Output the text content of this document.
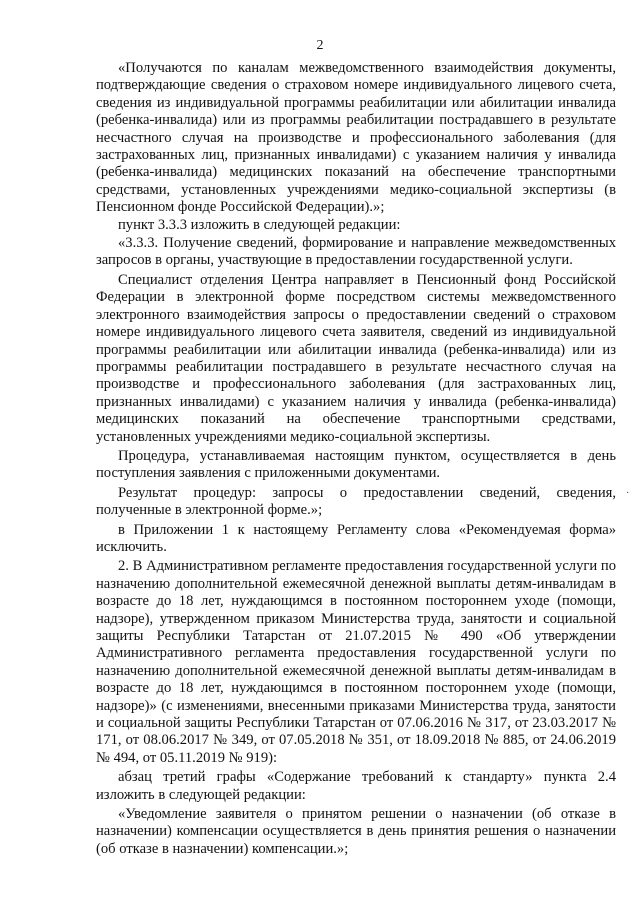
2

«Получаются по каналам межведомственного взаимодействия документы, подтверждающие сведения о страховом номере индивидуального лицевого счета, сведения из индивидуальной программы реабилитации или абилитации инвалида (ребенка-инвалида) или из программы реабилитации пострадавшего в результате несчастного случая на производстве и профессионального заболевания (для застрахованных лиц, признанных инвалидами) с указанием наличия у инвалида (ребенка-инвалида) медицинских показаний на обеспечение транспортными средствами, установленных учреждениями медико-социальной экспертизы (в Пенсионном фонде Российской Федерации).»;

пункт 3.3.3 изложить в следующей редакции:

«3.3.3. Получение сведений, формирование и направление межведомственных запросов в органы, участвующие в предоставлении государственной услуги.

Специалист отделения Центра направляет в Пенсионный фонд Российской Федерации в электронной форме посредством системы межведомственного электронного взаимодействия запросы о предоставлении сведений о страховом номере индивидуального лицевого счета заявителя, сведений из индивидуальной программы реабилитации или абилитации инвалида (ребенка-инвалида) или из программы реабилитации пострадавшего в результате несчастного случая на производстве и профессионального заболевания (для застрахованных лиц, признанных инвалидами) с указанием наличия у инвалида (ребенка-инвалида) медицинских показаний на обеспечение транспортными средствами, установленных учреждениями медико-социальной экспертизы.

Процедура, устанавливаемая настоящим пунктом, осуществляется в день поступления заявления с приложенными документами.

Результат процедур: запросы о предоставлении сведений, сведения, полученные в электронной форме.»;

в Приложении 1 к настоящему Регламенту слова «Рекомендуемая форма» исключить.

2. В Административном регламенте предоставления государственной услуги по назначению дополнительной ежемесячной денежной выплаты детям-инвалидам в возрасте до 18 лет, нуждающимся в постоянном постороннем уходе (помощи, надзоре), утвержденном приказом Министерства труда, занятости и социальной защиты Республики Татарстан от 21.07.2015 № 490 «Об утверждении Административного регламента предоставления государственной услуги по назначению дополнительной ежемесячной денежной выплаты детям-инвалидам в возрасте до 18 лет, нуждающимся в постоянном постороннем уходе (помощи, надзоре)» (с изменениями, внесенными приказами Министерства труда, занятости и социальной защиты Республики Татарстан от 07.06.2016 № 317, от 23.03.2017 № 171, от 08.06.2017 № 349, от 07.05.2018 № 351, от 18.09.2018 № 885, от 24.06.2019 № 494, от 05.11.2019 № 919):

абзац третий графы «Содержание требований к стандарту» пункта 2.4 изложить в следующей редакции:

«Уведомление заявителя о принятом решении о назначении (об отказе в назначении) компенсации осуществляется в день принятия решения о назначении (об отказе в назначении) компенсации.»;

·
